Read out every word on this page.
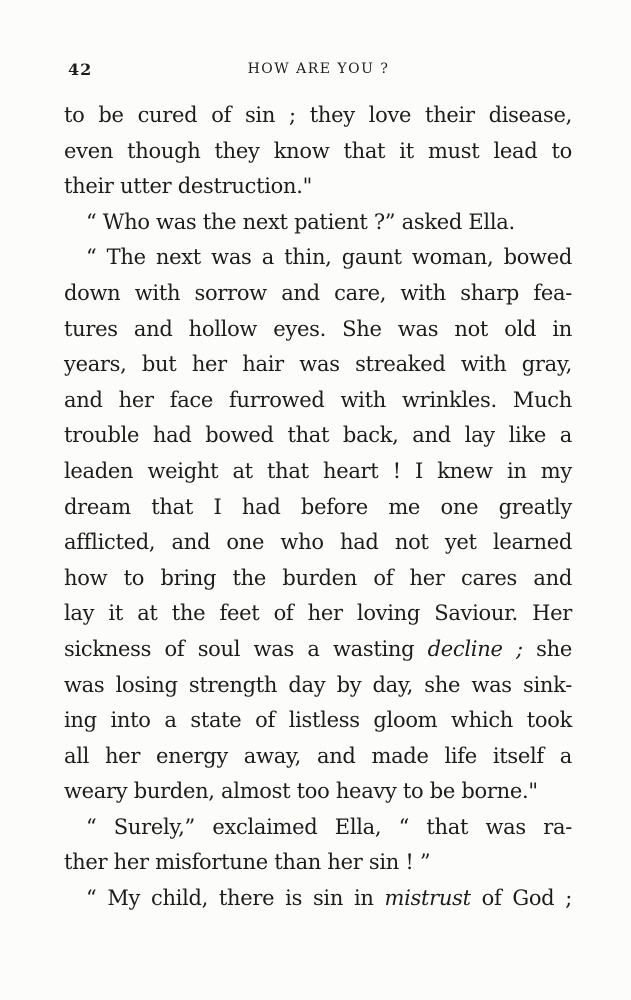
42	HOW ARE YOU ?
to be cured of sin ; they love their disease,
even though they know that it must lead to
their utter destruction."
“ Who was the next patient ?” asked Ella.
“ The next was a thin, gaunt woman, bowed
down with sorrow and care, with sharp fea-
tures and hollow eyes. She was not old in
years, but her hair was streaked with gray,
and her face furrowed with wrinkles. Much
trouble had bowed that back, and lay like a
leaden weight at that heart ! I knew in my
dream that I had before me one greatly
afflicted, and one who had not yet learned
how to bring the burden of her cares and
lay it at the feet of her loving Saviour. Her
sickness of soul was a wasting decline ; she
was losing strength day by day, she was sink-
ing into a state of listless gloom which took
all her energy away, and made life itself a
weary burden, almost too heavy to be borne."
“ Surely,” exclaimed Ella, “ that was ra-
ther her misfortune than her sin ! ”
“ My child, there is sin in mistrust of God ;
